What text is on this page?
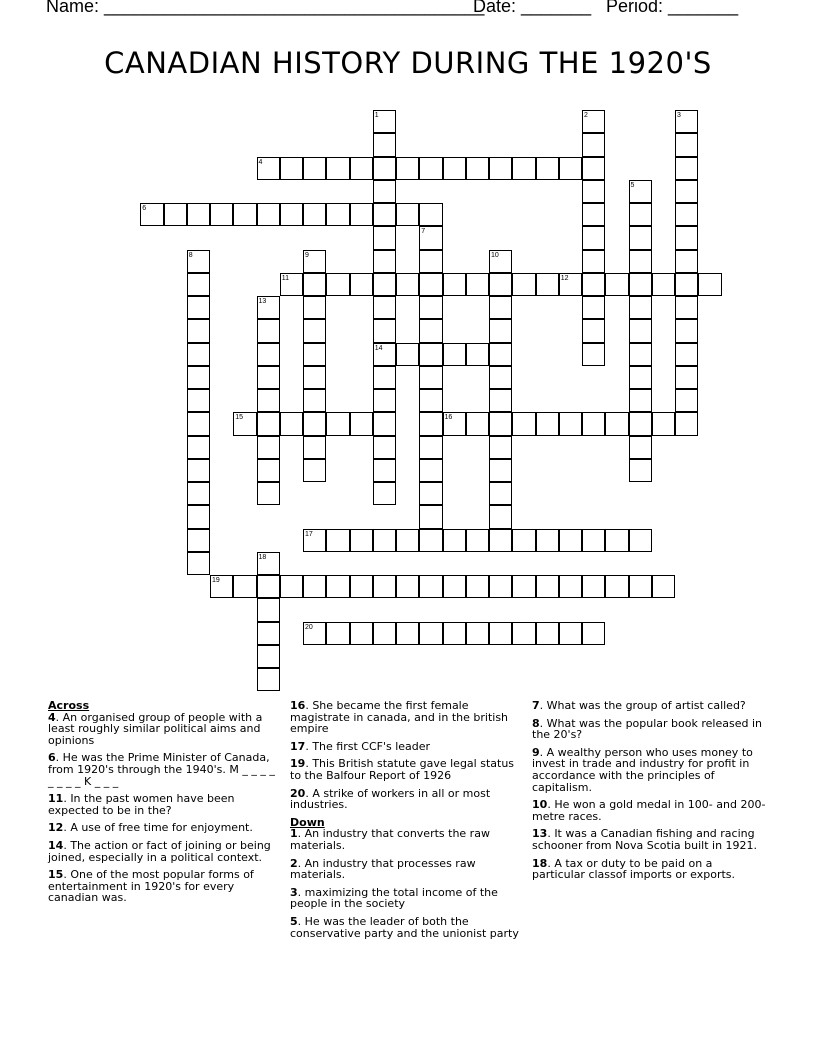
Name: ______________________________________
Date: _______ Period: _______
CANADIAN HISTORY DURING THE 1920'S
1	2	3
4
5
6
7
8	9	10
11	12
13
14
15	16
17
18
19
20
Across
4. An organised group of people with a least roughly similar political aims and opinions
6. He was the Prime Minister of Canada, from 1920's through the 1940's. M _ _ _ _ _ _ _ _ K _ _ _
11. In the past women have been expected to be in the?
12. A use of free time for enjoyment.
14. The action or fact of joining or being joined, especially in a political context.
15. One of the most popular forms of entertainment in 1920's for every canadian was.
16. She became the first female magistrate in canada, and in the british empire
17. The first CCF's leader
19. This British statute gave legal status to the Balfour Report of 1926
20. A strike of workers in all or most industries.
Down
1. An industry that converts the raw materials.
2. An industry that processes raw materials.
3. maximizing the total income of the people in the society
5. He was the leader of both the conservative party and the unionist party
7. What was the group of artist called?
8. What was the popular book released in the 20's?
9. A wealthy person who uses money to invest in trade and industry for profit in accordance with the principles of capitalism.
10. He won a gold medal in 100- and 200- metre races.
13. It was a Canadian fishing and racing schooner from Nova Scotia built in 1921.
18. A tax or duty to be paid on a particular classof imports or exports.
